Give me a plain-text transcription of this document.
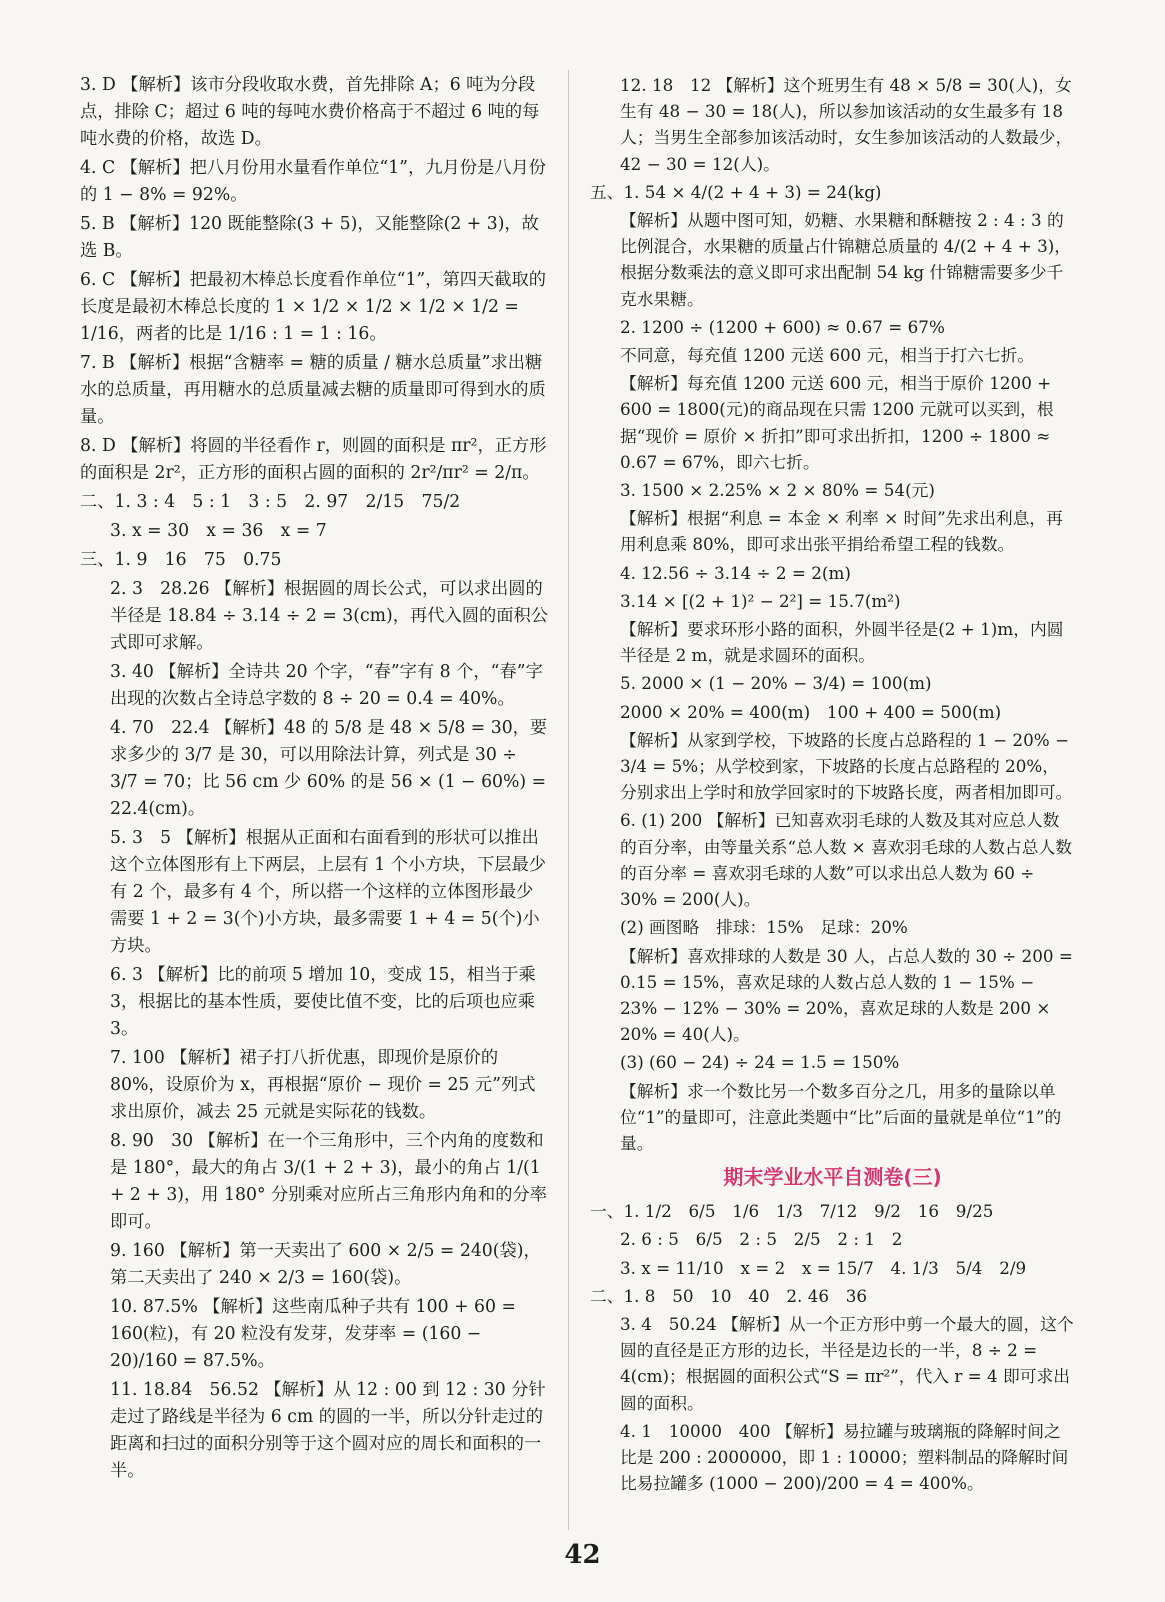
3. D 【解析】该市分段收取水费，首先排除 A；6 吨为分段点，排除 C；超过 6 吨的每吨水费价格高于不超过 6 吨的每吨水费的价格，故选 D。

4. C 【解析】把八月份用水量看作单位“1”，九月份是八月份的 1 − 8% = 92%。

5. B 【解析】120 既能整除(3 + 5)，又能整除(2 + 3)，故选 B。

6. C 【解析】把最初木棒总长度看作单位“1”，第四天截取的长度是最初木棒总长度的 1 × 1/2 × 1/2 × 1/2 × 1/2 = 1/16，两者的比是 1/16 : 1 = 1 : 16。

7. B 【解析】根据“含糖率 = 糖的质量 / 糖水总质量”求出糖水的总质量，再用糖水的总质量减去糖的质量即可得到水的质量。

8. D 【解析】将圆的半径看作 r，则圆的面积是 πr²，正方形的面积是 2r²，正方形的面积占圆的面积的 2r²/πr² = 2/π。

二、1. 3 : 4　5 : 1　3 : 5　2. 97　2/15　75/2

3. x = 30　x = 36　x = 7

三、1. 9　16　75　0.75

2. 3　28.26 【解析】根据圆的周长公式，可以求出圆的半径是 18.84 ÷ 3.14 ÷ 2 = 3(cm)，再代入圆的面积公式即可求解。

3. 40 【解析】全诗共 20 个字，“春”字有 8 个，“春”字出现的次数占全诗总字数的 8 ÷ 20 = 0.4 = 40%。

4. 70　22.4 【解析】48 的 5/8 是 48 × 5/8 = 30，要求多少的 3/7 是 30，可以用除法计算，列式是 30 ÷ 3/7 = 70；比 56 cm 少 60% 的是 56 × (1 − 60%) = 22.4(cm)。

5. 3　5 【解析】根据从正面和右面看到的形状可以推出这个立体图形有上下两层，上层有 1 个小方块，下层最少有 2 个，最多有 4 个，所以搭一个这样的立体图形最少需要 1 + 2 = 3(个)小方块，最多需要 1 + 4 = 5(个)小方块。

6. 3 【解析】比的前项 5 增加 10，变成 15，相当于乘 3，根据比的基本性质，要使比值不变，比的后项也应乘 3。

7. 100 【解析】裙子打八折优惠，即现价是原价的 80%，设原价为 x，再根据“原价 − 现价 = 25 元”列式求出原价，减去 25 元就是实际花的钱数。

8. 90　30 【解析】在一个三角形中，三个内角的度数和是 180°，最大的角占 3/(1 + 2 + 3)，最小的角占 1/(1 + 2 + 3)，用 180° 分别乘对应所占三角形内角和的分率即可。

9. 160 【解析】第一天卖出了 600 × 2/5 = 240(袋)，第二天卖出了 240 × 2/3 = 160(袋)。

10. 87.5% 【解析】这些南瓜种子共有 100 + 60 = 160(粒)，有 20 粒没有发芽，发芽率 = (160 − 20)/160 = 87.5%。

11. 18.84　56.52 【解析】从 12 : 00 到 12 : 30 分针走过了路线是半径为 6 cm 的圆的一半，所以分针走过的距离和扫过的面积分别等于这个圆对应的周长和面积的一半。

12. 18　12 【解析】这个班男生有 48 × 5/8 = 30(人)，女生有 48 − 30 = 18(人)，所以参加该活动的女生最多有 18 人；当男生全部参加该活动时，女生参加该活动的人数最少，42 − 30 = 12(人)。

五、1. 54 × 4/(2 + 4 + 3) = 24(kg)

【解析】从题中图可知，奶糖、水果糖和酥糖按 2 : 4 : 3 的比例混合，水果糖的质量占什锦糖总质量的 4/(2 + 4 + 3)，根据分数乘法的意义即可求出配制 54 kg 什锦糖需要多少千克水果糖。

2. 1200 ÷ (1200 + 600) ≈ 0.67 = 67%

不同意，每充值 1200 元送 600 元，相当于打六七折。

【解析】每充值 1200 元送 600 元，相当于原价 1200 + 600 = 1800(元)的商品现在只需 1200 元就可以买到，根据“现价 = 原价 × 折扣”即可求出折扣，1200 ÷ 1800 ≈ 0.67 = 67%，即六七折。

3. 1500 × 2.25% × 2 × 80% = 54(元)

【解析】根据“利息 = 本金 × 利率 × 时间”先求出利息，再用利息乘 80%，即可求出张平捐给希望工程的钱数。

4. 12.56 ÷ 3.14 ÷ 2 = 2(m)

3.14 × [(2 + 1)² − 2²] = 15.7(m²)

【解析】要求环形小路的面积，外圆半径是(2 + 1)m，内圆半径是 2 m，就是求圆环的面积。

5. 2000 × (1 − 20% − 3/4) = 100(m)

2000 × 20% = 400(m)　100 + 400 = 500(m)

【解析】从家到学校，下坡路的长度占总路程的 1 − 20% − 3/4 = 5%；从学校到家，下坡路的长度占总路程的 20%，分别求出上学时和放学回家时的下坡路长度，两者相加即可。

6. (1) 200 【解析】已知喜欢羽毛球的人数及其对应总人数的百分率，由等量关系“总人数 × 喜欢羽毛球的人数占总人数的百分率 = 喜欢羽毛球的人数”可以求出总人数为 60 ÷ 30% = 200(人)。

(2) 画图略　排球：15%　足球：20%

【解析】喜欢排球的人数是 30 人，占总人数的 30 ÷ 200 = 0.15 = 15%，喜欢足球的人数占总人数的 1 − 15% − 23% − 12% − 30% = 20%，喜欢足球的人数是 200 × 20% = 40(人)。

(3) (60 − 24) ÷ 24 = 1.5 = 150%

【解析】求一个数比另一个数多百分之几，用多的量除以单位“1”的量即可，注意此类题中“比”后面的量就是单位“1”的量。

期末学业水平自测卷(三)

一、1. 1/2　6/5　1/6　1/3　7/12　9/2　16　9/25

2. 6 : 5　6/5　2 : 5　2/5　2 : 1　2

3. x = 11/10　x = 2　x = 15/7　4. 1/3　5/4　2/9

二、1. 8　50　10　40　2. 46　36

3. 4　50.24 【解析】从一个正方形中剪一个最大的圆，这个圆的直径是正方形的边长，半径是边长的一半，8 ÷ 2 = 4(cm)；根据圆的面积公式“S = πr²”，代入 r = 4 即可求出圆的面积。

4. 1　10000　400 【解析】易拉罐与玻璃瓶的降解时间之比是 200 : 2000000，即 1 : 10000；塑料制品的降解时间比易拉罐多 (1000 − 200)/200 = 4 = 400%。

42
